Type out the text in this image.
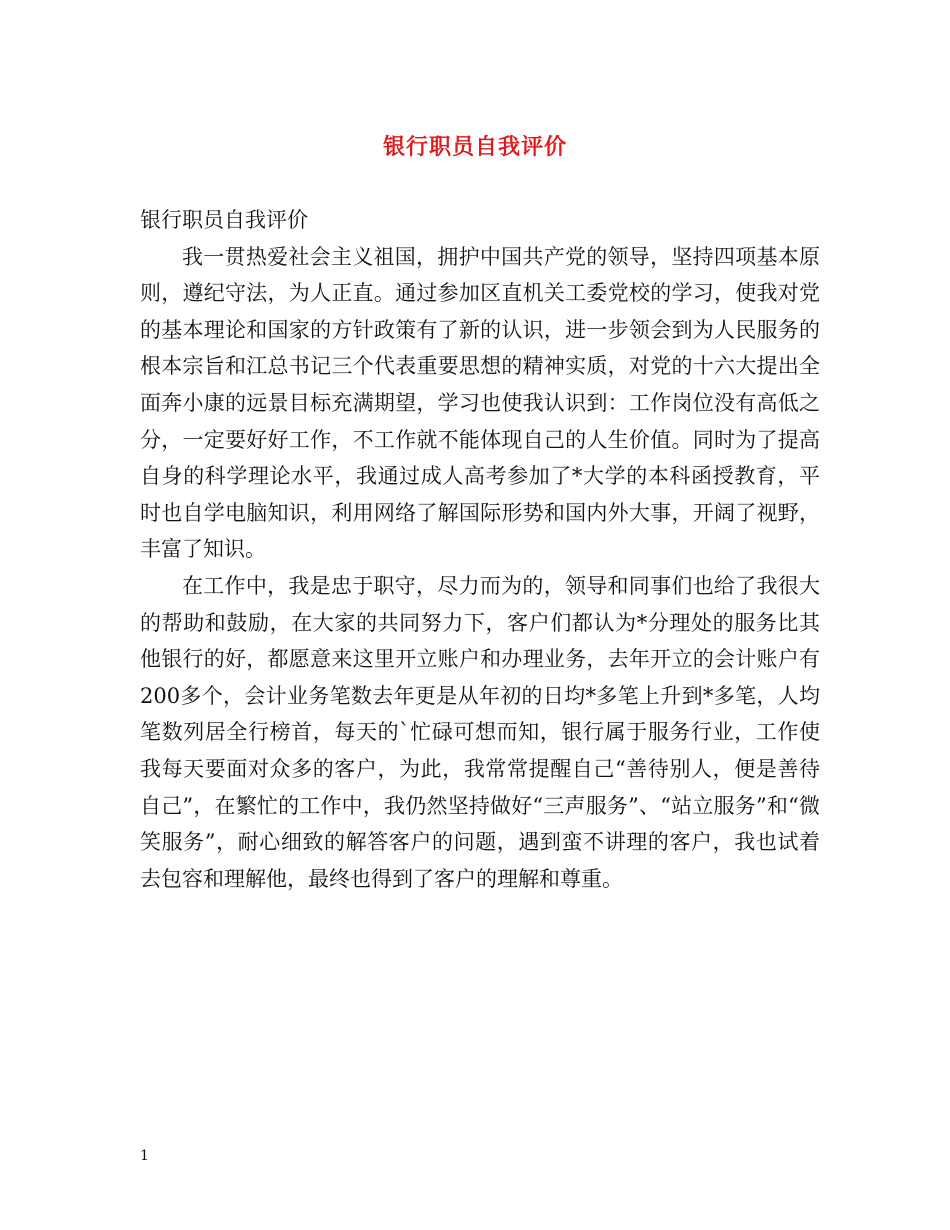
银行职员自我评价

银行职员自我评价

我一贯热爱社会主义祖国，拥护中国共产党的领导，坚持四项基本原则，遵纪守法，为人正直。通过参加区直机关工委党校的学习，使我对党的基本理论和国家的方针政策有了新的认识，进一步领会到为人民服务的根本宗旨和江总书记三个代表重要思想的精神实质，对党的十六大提出全面奔小康的远景目标充满期望，学习也使我认识到：工作岗位没有高低之分，一定要好好工作，不工作就不能体现自己的人生价值。同时为了提高自身的科学理论水平，我通过成人高考参加了*大学的本科函授教育，平时也自学电脑知识，利用网络了解国际形势和国内外大事，开阔了视野，丰富了知识。

在工作中，我是忠于职守，尽力而为的，领导和同事们也给了我很大的帮助和鼓励，在大家的共同努力下，客户们都认为*分理处的服务比其他银行的好，都愿意来这里开立账户和办理业务，去年开立的会计账户有200多个，会计业务笔数去年更是从年初的日均*多笔上升到*多笔，人均笔数列居全行榜首，每天的`忙碌可想而知，银行属于服务行业，工作使我每天要面对众多的客户，为此，我常常提醒自己“善待别人，便是善待自己”，在繁忙的工作中，我仍然坚持做好“三声服务”、“站立服务”和“微笑服务”，耐心细致的解答客户的问题，遇到蛮不讲理的客户，我也试着去包容和理解他，最终也得到了客户的理解和尊重。

1
